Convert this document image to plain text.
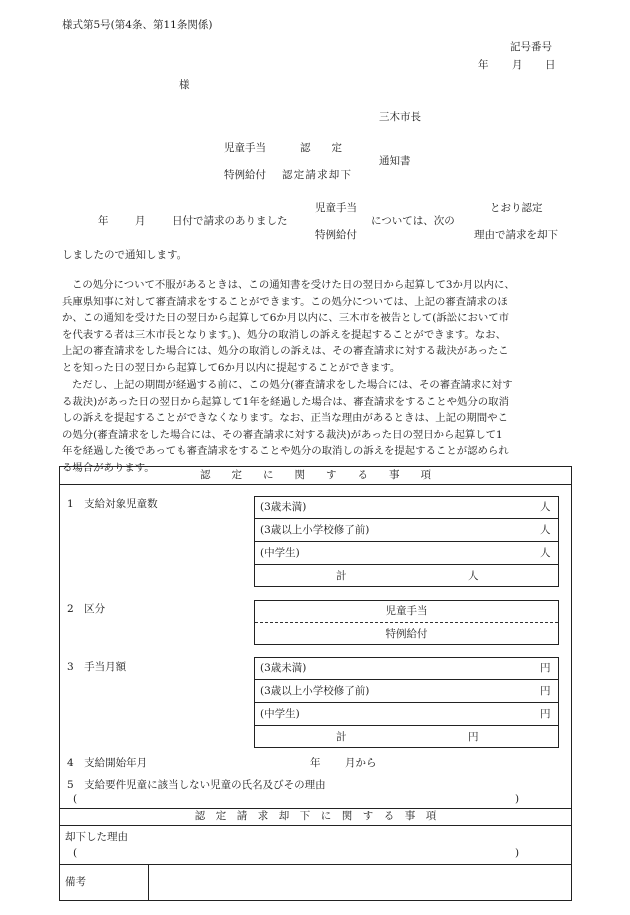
様式第5号(第4条、第11条関係)
記号番号
年 月 日
様
三木市長
児童手当	認　　定
通知書
特例給付 認定請求却下
児童手当	とおり認定
年	月	日付で請求のありました	については、次の
特例給付	理由で請求を却下
しましたので通知します。
この処分について不服があるときは、この通知書を受けた日の翌日から起算して3か月以内に、
兵庫県知事に対して審査請求をすることができます。この処分については、上記の審査請求のほ
か、この通知を受けた日の翌日から起算して6か月以内に、三木市を被告として(訴訟において市
を代表する者は三木市長となります。)、処分の取消しの訴えを提起することができます。なお、
上記の審査請求をした場合には、処分の取消しの訴えは、その審査請求に対する裁決があったこ
とを知った日の翌日から起算して6か月以内に提起することができます。
ただし、上記の期間が経過する前に、この処分(審査請求をした場合には、その審査請求に対す
る裁決)があった日の翌日から起算して1年を経過した場合は、審査請求をすることや処分の取消
しの訴えを提起することができなくなります。なお、正当な理由があるときは、上記の期間やこ
の処分(審査請求をした場合には、その審査請求に対する裁決)があった日の翌日から起算して1
年を経過した後であっても審査請求をすることや処分の取消しの訴えを提起することが認められ
る場合があります。
認　　定　　に　　関　　す　　る　　事　　項
1　支給対象児童数	(3歳未満)	人
(3歳以上小学校修了前)	人
(中学生)	人
計	人
2　区分	児童手当
特例給付
3　手当月額	(3歳未満)	円
(3歳以上小学校修了前)	円
(中学生)	円
計	円
4　支給開始年月	年 月から
5　支給要件児童に該当しない児童の氏名及びその理由
(	)
認　定　請　求　却　下　に　関　す　る　事　項
却下した理由
(	)
備考
